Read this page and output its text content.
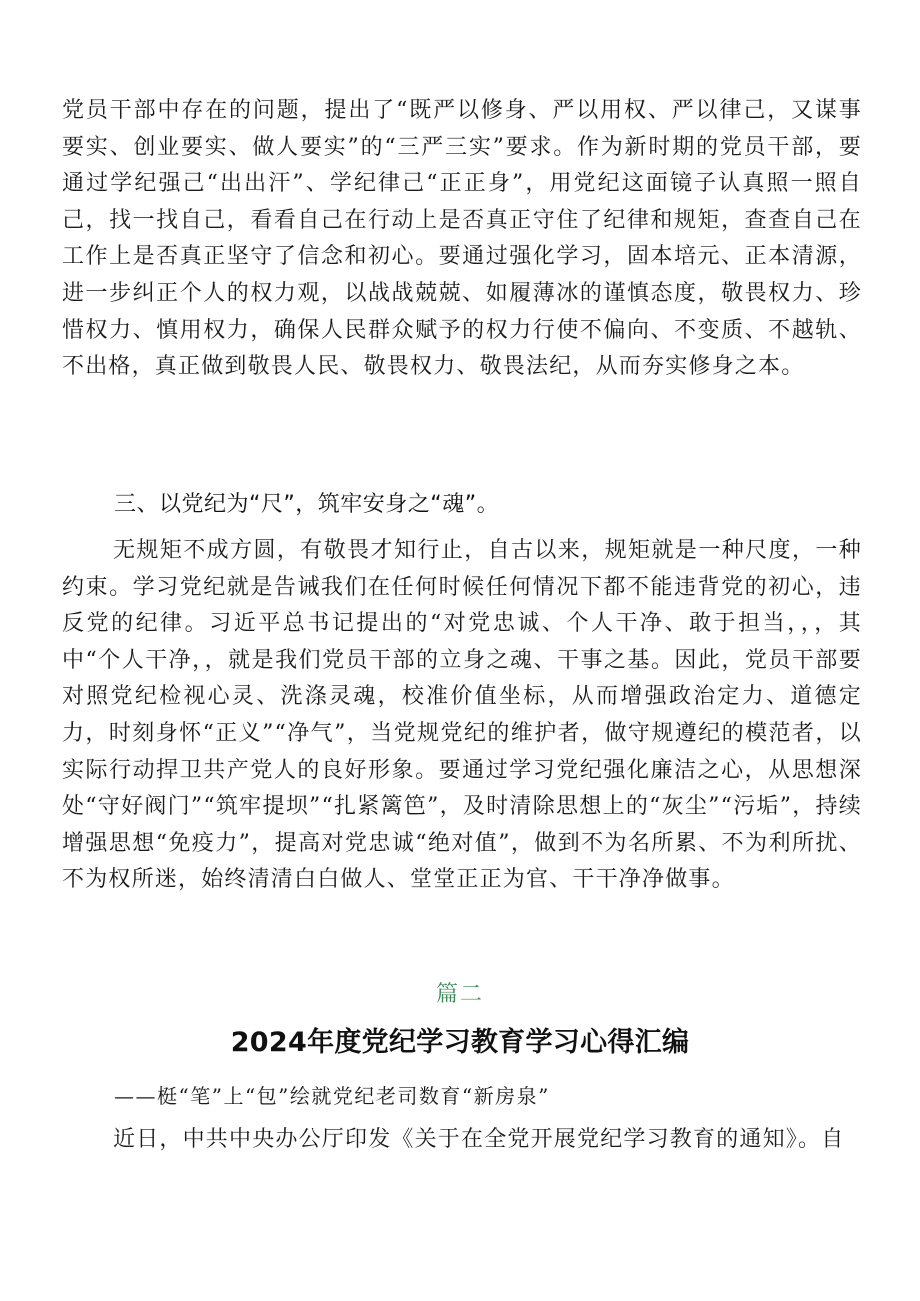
党员干部中存在的问题，提出了“既严以修身、严以用权、严以律己，又谋事要实、创业要实、做人要实”的“三严三实”要求。作为新时期的党员干部，要通过学纪强己“出出汗”、学纪律己“正正身”，用党纪这面镜子认真照一照自己，找一找自己，看看自己在行动上是否真正守住了纪律和规矩，查查自己在工作上是否真正坚守了信念和初心。要通过强化学习，固本培元、正本清源，进一步纠正个人的权力观，以战战兢兢、如履薄冰的谨慎态度，敬畏权力、珍惜权力、慎用权力，确保人民群众赋予的权力行使不偏向、不变质、不越轨、不出格，真正做到敬畏人民、敬畏权力、敬畏法纪，从而夯实修身之本。

三、以党纪为“尺”，筑牢安身之“魂”。

无规矩不成方圆，有敬畏才知行止，自古以来，规矩就是一种尺度，一种约束。学习党纪就是告诫我们在任何时候任何情况下都不能违背党的初心，违反党的纪律。习近平总书记提出的“对党忠诚、个人干净、敢于担当，，，其中“个人干净，，就是我们党员干部的立身之魂、干事之基。因此，党员干部要对照党纪检视心灵、洗涤灵魂，校准价值坐标，从而增强政治定力、道德定力，时刻身怀“正义”“净气”，当党规党纪的维护者，做守规遵纪的模范者，以实际行动捍卫共产党人的良好形象。要通过学习党纪强化廉洁之心，从思想深处“守好阀门”“筑牢提坝”“扎紧篱笆”，及时清除思想上的“灰尘”“污垢”，持续增强思想“免疫力”，提高对党忠诚“绝对值”，做到不为名所累、不为利所扰、不为权所迷，始终清清白白做人、堂堂正正为官、干干净净做事。

篇二

2024年度党纪学习教育学习心得汇编

——梃“笔”上“包”绘就党纪老司数育“新房泉”

近日，中共中央办公厅印发《关于在全党开展党纪学习教育的通知》。自
